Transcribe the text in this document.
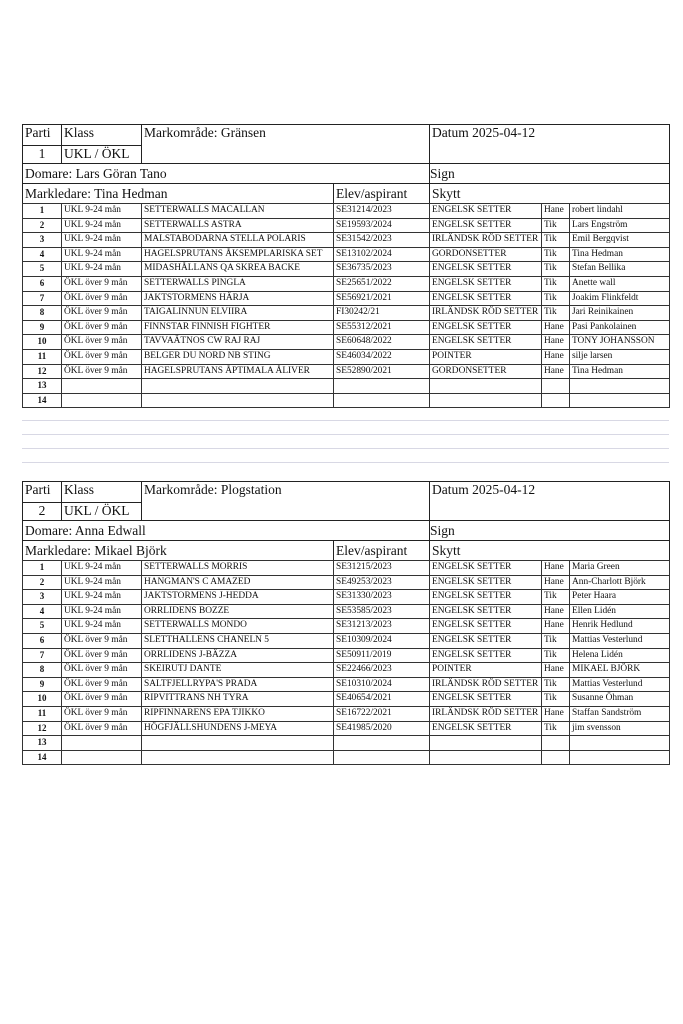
Parti	Klass	Markområde: Gränsen	Datum 2025-04-12
1	UKL / ÖKL		
Domare: Lars Göran Tano	Sign
Markledare: Tina Hedman	Elev/aspirant	Skytt
1	UKL 9-24 mån	SETTERWALLS MACALLAN	SE31214/2023	ENGELSK SETTER	Hane	robert lindahl
2	UKL 9-24 mån	SETTERWALLS ASTRA	SE19593/2024	ENGELSK SETTER	Tik	Lars Engström
3	UKL 9-24 mån	MALSTABODARNA STELLA POLARIS	SE31542/2023	IRLÄNDSK RÖD SETTER	Tik	Emil Bergqvist
4	UKL 9-24 mån	HAGELSPRUTANS ÅKSEMPLARISKA SET	SE13102/2024	GORDONSETTER	Tik	Tina Hedman
5	UKL 9-24 mån	MIDASHÅLLANS QA SKREA BACKE	SE36735/2023	ENGELSK SETTER	Tik	Stefan Bellika
6	ÖKL över 9 mån	SETTERWALLS PINGLA	SE25651/2022	ENGELSK SETTER	Tik	Anette wall
7	ÖKL över 9 mån	JAKTSTORMENS HÄRJA	SE56921/2021	ENGELSK SETTER	Tik	Joakim Flinkfeldt
8	ÖKL över 9 mån	TAIGALINNUN ELVIIRA	FI30242/21	IRLÄNDSK RÖD SETTER	Tik	Jari Reinikainen
9	ÖKL över 9 mån	FINNSTAR FINNISH FIGHTER	SE55312/2021	ENGELSK SETTER	Hane	Pasi Pankolainen
10	ÖKL över 9 mån	TAVVAÄTNOS CW RAJ RAJ	SE60648/2022	ENGELSK SETTER	Hane	TONY JOHANSSON
11	ÖKL över 9 mån	BELGER DU NORD NB STING	SE46034/2022	POINTER	Hane	silje larsen
12	ÖKL över 9 mån	HAGELSPRUTANS ÅPTIMALA ÅLIVER	SE52890/2021	GORDONSETTER	Hane	Tina Hedman
13						
14						
Parti	Klass	Markområde: Plogstation	Datum 2025-04-12
2	UKL / ÖKL		
Domare: Anna Edwall	Sign
Markledare: Mikael Björk	Elev/aspirant	Skytt
1	UKL 9-24 mån	SETTERWALLS MORRIS	SE31215/2023	ENGELSK SETTER	Hane	Maria Green
2	UKL 9-24 mån	HANGMAN'S C AMAZED	SE49253/2023	ENGELSK SETTER	Hane	Ann-Charlott Björk
3	UKL 9-24 mån	JAKTSTORMENS J-HEDDA	SE31330/2023	ENGELSK SETTER	Tik	Peter Haara
4	UKL 9-24 mån	ORRLIDENS BOZZE	SE53585/2023	ENGELSK SETTER	Hane	Ellen Lidén
5	UKL 9-24 mån	SETTERWALLS MONDO	SE31213/2023	ENGELSK SETTER	Hane	Henrik Hedlund
6	ÖKL över 9 mån	SLETTHALLENS CHANELN 5	SE10309/2024	ENGELSK SETTER	Tik	Mattias Vesterlund
7	ÖKL över 9 mån	ORRLIDENS J-BÄZZA	SE50911/2019	ENGELSK SETTER	Tik	Helena Lidén
8	ÖKL över 9 mån	SKEIRUTJ DANTE	SE22466/2023	POINTER	Hane	MIKAEL BJÖRK
9	ÖKL över 9 mån	SALTFJELLRYPA'S PRADA	SE10310/2024	IRLÄNDSK RÖD SETTER	Tik	Mattias Vesterlund
10	ÖKL över 9 mån	RIPVITTRANS NH TYRA	SE40654/2021	ENGELSK SETTER	Tik	Susanne Öhman
11	ÖKL över 9 mån	RIPFINNARENS EPA TJIKKO	SE16722/2021	IRLÄNDSK RÖD SETTER	Hane	Staffan Sandström
12	ÖKL över 9 mån	HÖGFJÄLLSHUNDENS J-MEYA	SE41985/2020	ENGELSK SETTER	Tik	jim svensson
13						
14						
